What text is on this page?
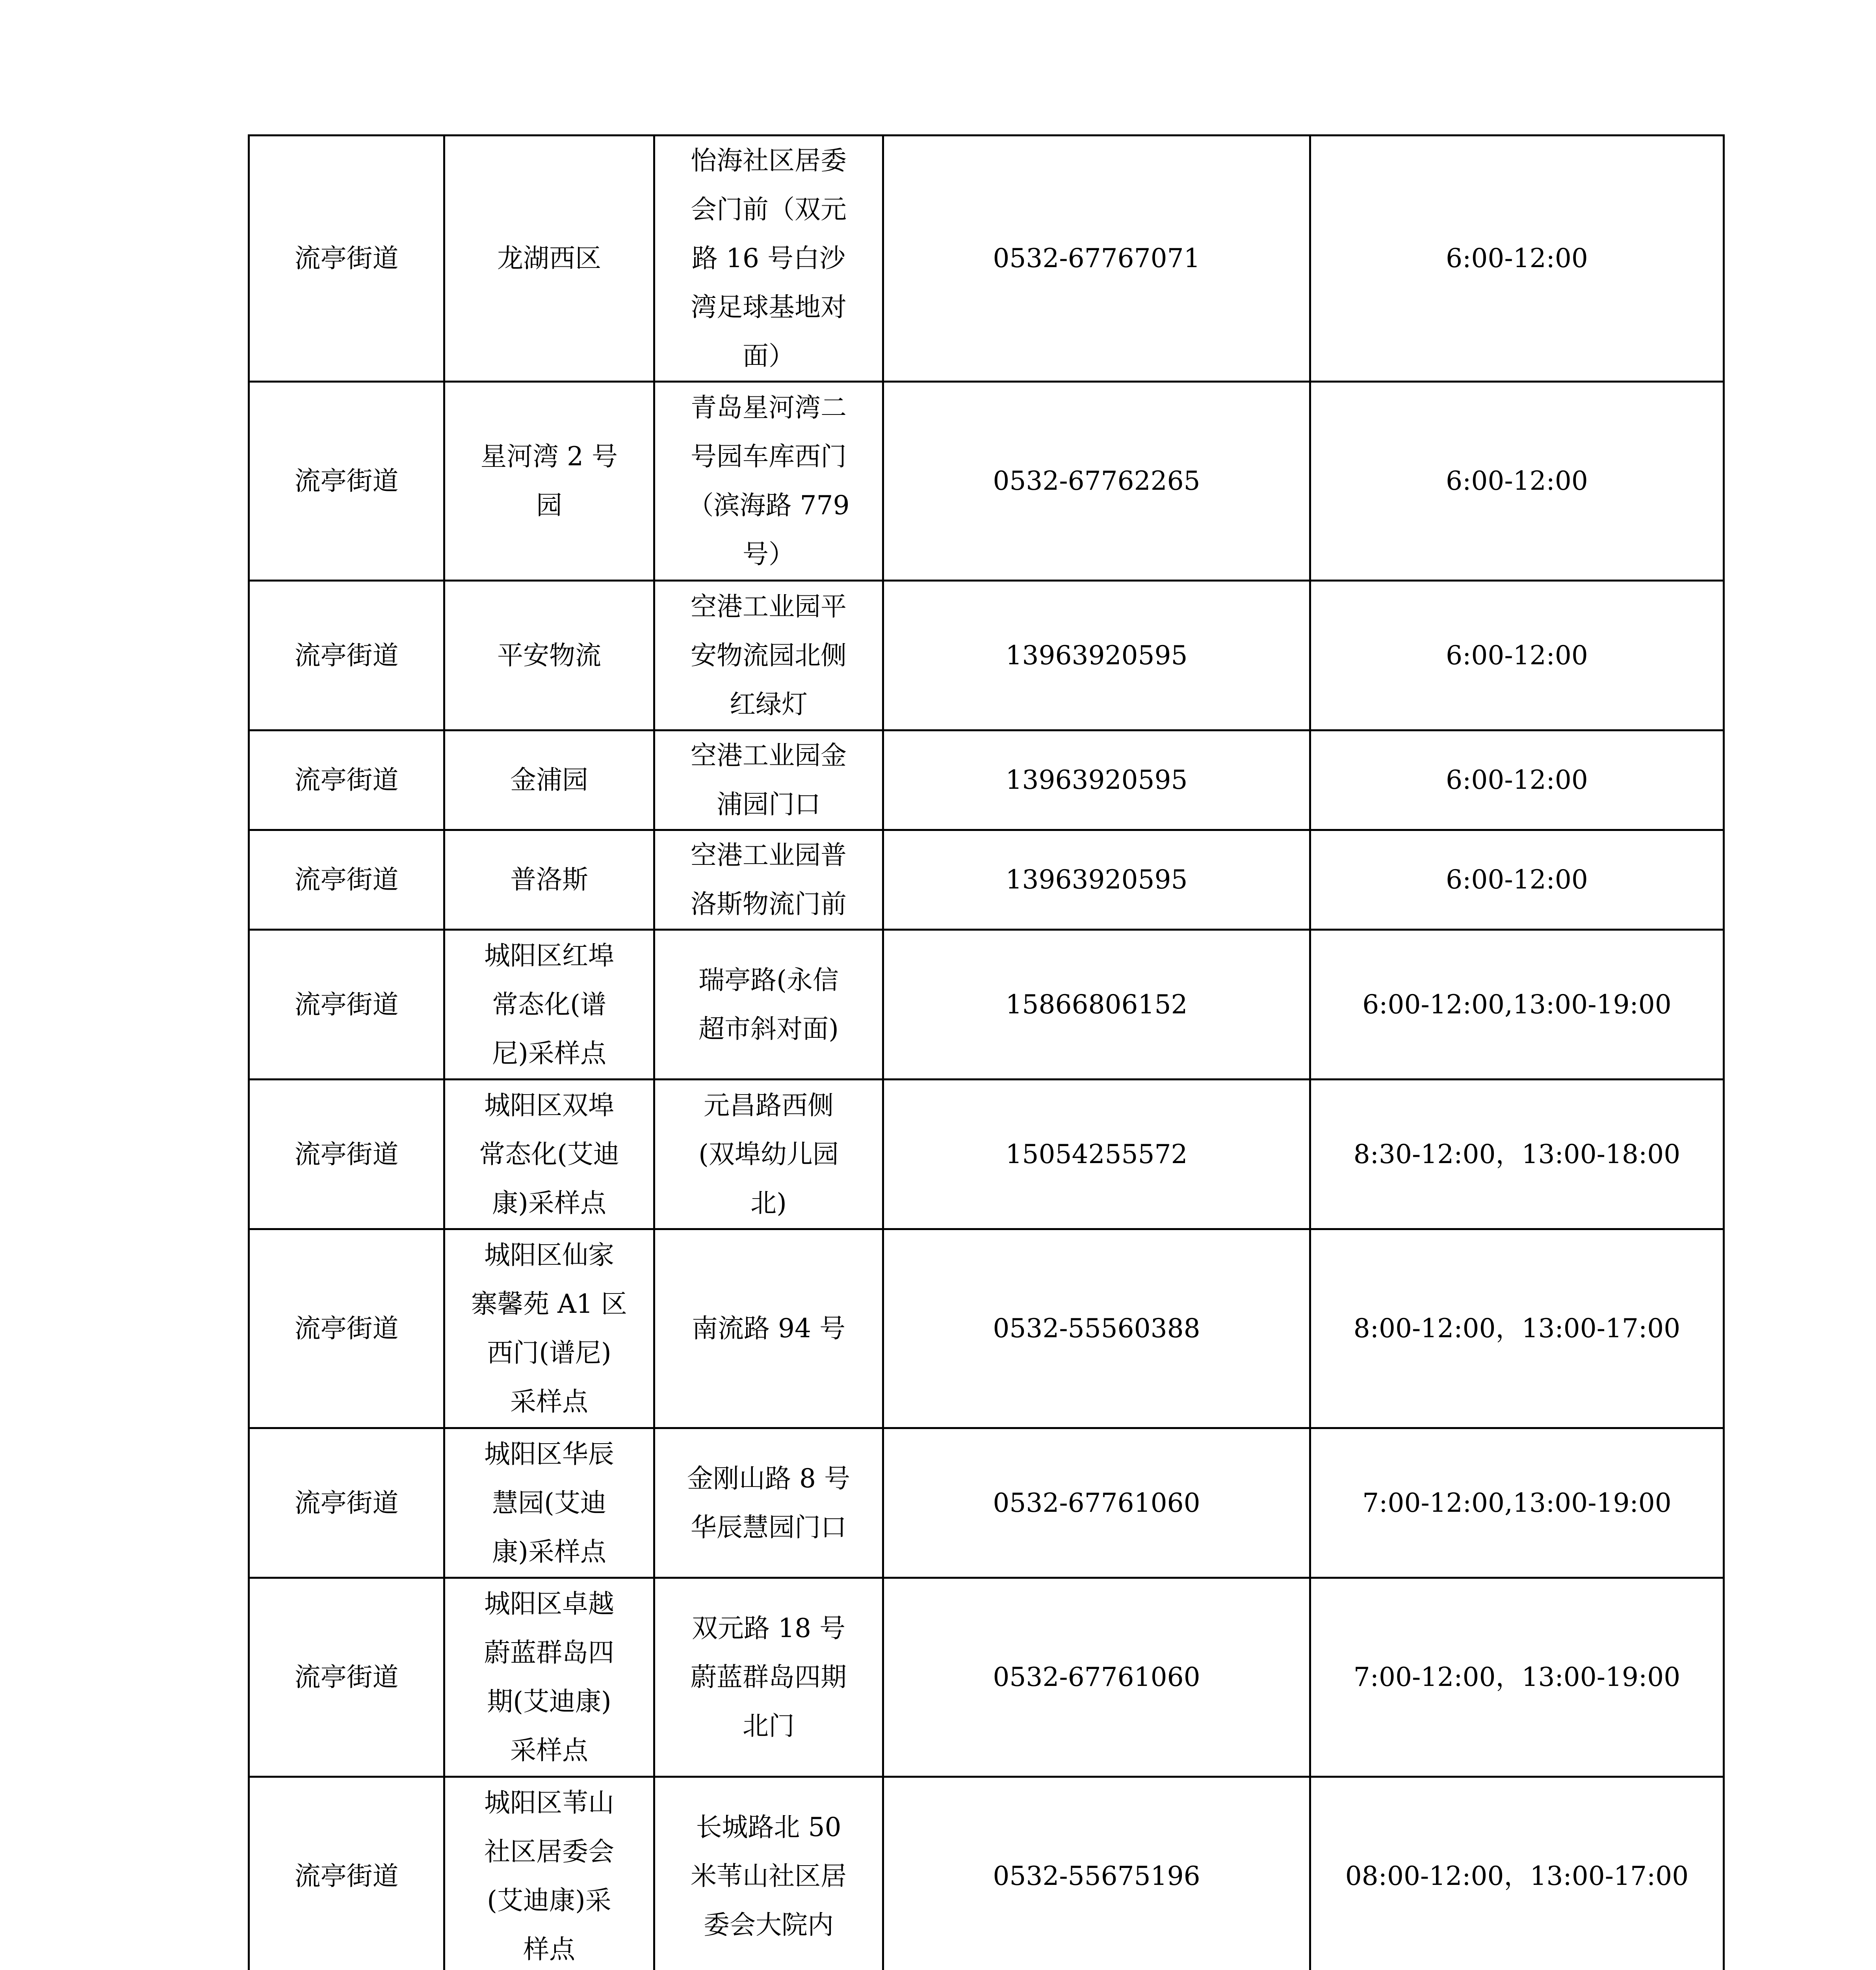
流亭街道	龙湖西区	怡海社区居委
会门前（双元
路 16 号白沙
湾足球基地对
面）	0532-67767071	6:00-12:00
流亭街道	星河湾 2 号
园	青岛星河湾二
号园车库西门
（滨海路 779
号）	0532-67762265	6:00-12:00
流亭街道	平安物流	空港工业园平
安物流园北侧
红绿灯	13963920595	6:00-12:00
流亭街道	金浦园	空港工业园金
浦园门口	13963920595	6:00-12:00
流亭街道	普洛斯	空港工业园普
洛斯物流门前	13963920595	6:00-12:00
流亭街道	城阳区红埠
常态化(谱
尼)采样点	瑞亭路(永信
超市斜对面)	15866806152	6:00-12:00,13:00-19:00
流亭街道	城阳区双埠
常态化(艾迪
康)采样点	元昌路西侧
(双埠幼儿园
北)	15054255572	8:30-12:00，13:00-18:00
流亭街道	城阳区仙家
寨馨苑 A1 区
西门(谱尼)
采样点	南流路 94 号	0532-55560388	8:00-12:00，13:00-17:00
流亭街道	城阳区华辰
慧园(艾迪
康)采样点	金刚山路 8 号
华辰慧园门口	0532-67761060	7:00-12:00,13:00-19:00
流亭街道	城阳区卓越
蔚蓝群岛四
期(艾迪康)
采样点	双元路 18 号
蔚蓝群岛四期
北门	0532-67761060	7:00-12:00，13:00-19:00
流亭街道	城阳区苇山
社区居委会
(艾迪康)采
样点	长城路北 50
米苇山社区居
委会大院内	0532-55675196	08:00-12:00，13:00-17:00
